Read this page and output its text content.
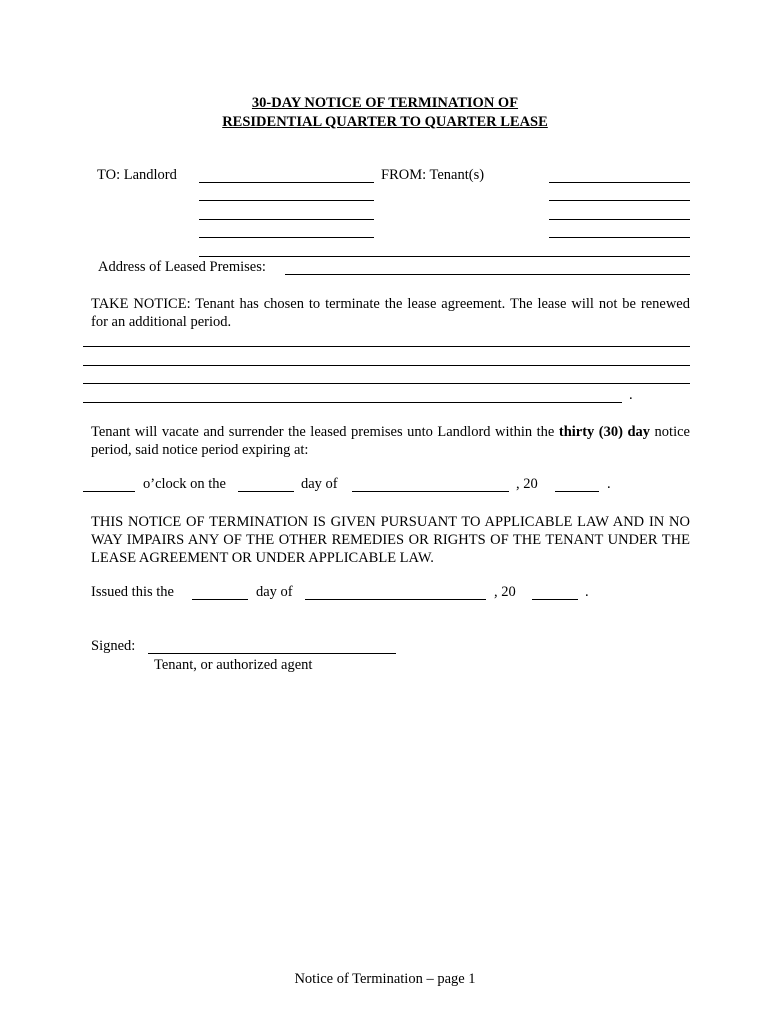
30-DAY NOTICE OF TERMINATION OF
RESIDENTIAL QUARTER TO QUARTER LEASE
TO: Landlord	FROM: Tenant(s)
Address of Leased Premises:
TAKE NOTICE: Tenant has chosen to terminate the lease agreement. The lease will not be renewed for an additional period.
.
Tenant will vacate and surrender the leased premises unto Landlord within the thirty (30) day notice period, said notice period expiring at:
o’clock on the	day of	, 20	.
THIS NOTICE OF TERMINATION IS GIVEN PURSUANT TO APPLICABLE LAW AND IN NO WAY IMPAIRS ANY OF THE OTHER REMEDIES OR RIGHTS OF THE TENANT UNDER THE LEASE AGREEMENT OR UNDER APPLICABLE LAW.
Issued this the	day of	, 20	.
Signed:
Tenant, or authorized agent
Notice of Termination – page 1
